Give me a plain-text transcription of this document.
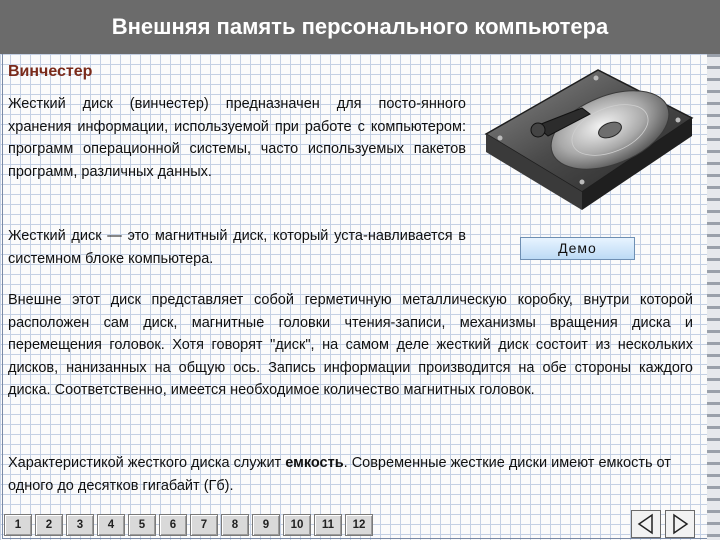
Внешняя память персонального компьютера
Винчестер
Жесткий диск (винчестер) предназначен для посто-янного хранения информации, используемой при работе с компьютером: программ операционной системы, часто используемых пакетов программ, различных данных.
Жесткий диск — это магнитный диск, который уста-навливается в системном блоке компьютера.
Внешне этот диск представляет собой герметичную металлическую коробку, внутри которой расположен сам диск, магнитные головки чтения-записи, механизмы вращения диска и перемещения головок. Хотя говорят "диск", на самом деле жесткий диск состоит из нескольких дисков, нанизанных на общую ось. Запись информации производится на обе стороны каждого диска. Соответственно, имеется необходимое количество магнитных головок.
Характеристикой жесткого диска служит емкость. Современные жесткие диски имеют емкость от одного до десятков гигабайт (Гб).
Демо
1	2	3	4	5	6	7	8	9	10	11	12
